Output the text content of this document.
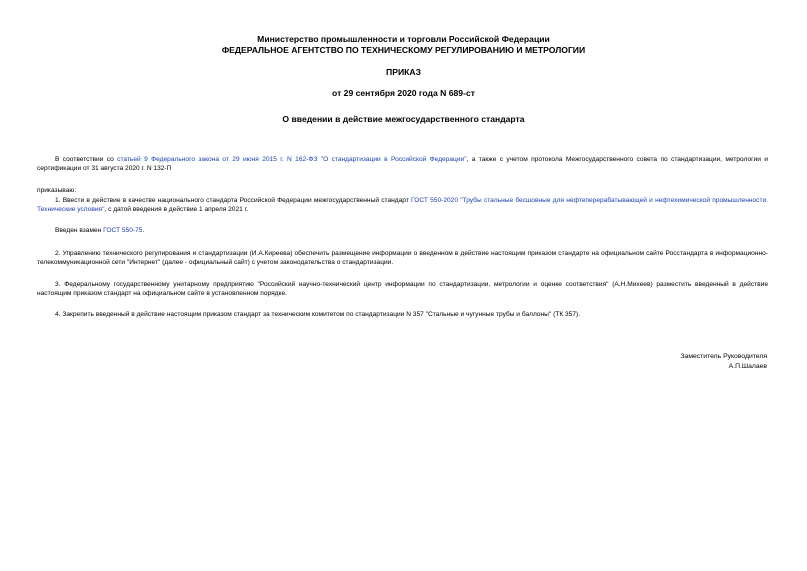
Министерство промышленности и торговли Российской Федерации
ФЕДЕРАЛЬНОЕ АГЕНТСТВО ПО ТЕХНИЧЕСКОМУ РЕГУЛИРОВАНИЮ И МЕТРОЛОГИИ
ПРИКАЗ
от 29 сентября 2020 года N 689-ст
О введении в действие межгосударственного стандарта

В соответствии со статьей 9 Федерального закона от 29 июня 2015 г. N 162-ФЗ "О стандартизации в Российской Федерации", а также с учетом протокола Межгосударственного совета по стандартизации, метрологии и сертификации от 31 августа 2020 г. N 132-П

приказываю:

1. Ввести в действие в качестве национального стандарта Российской Федерации межгосударственный стандарт ГОСТ 550-2020 "Трубы стальные бесшовные для нефтеперерабатывающей и нефтехимической промышленности. Технические условия", с датой введения в действие 1 апреля 2021 г.

Введен взамен ГОСТ 550-75.

2. Управлению технического регулирования и стандартизации (И.А.Киреева) обеспечить размещение информации о введенном в действие настоящим приказом стандарте на официальном сайте Росстандарта в информационно-телекоммуникационной сети "Интернет" (далее - официальный сайт) с учетом законодательства о стандартизации.

3. Федеральному государственному унитарному предприятию "Российский научно-технический центр информации по стандартизации, метрологии и оценке соответствия" (А.Н.Михеев) разместить введенный в действие настоящим приказом стандарт на официальном сайте в установленном порядке.

4. Закрепить введенный в действие настоящим приказом стандарт за техническим комитетом по стандартизации N 357 "Стальные и чугунные трубы и баллоны" (ТК 357).

Заместитель Руководителя
А.П.Шалаев
